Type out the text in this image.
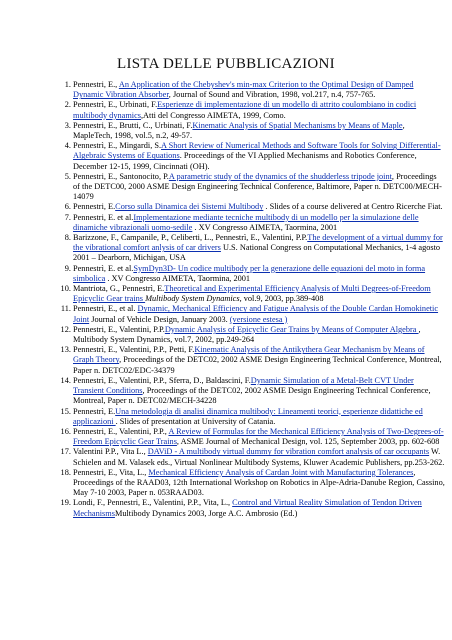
LISTA DELLE PUBBLICAZIONI
1. Pennestri, E., An Application of the Chebyshev's min-max Criterion to the Optimal Design of Damped Dynamic Vibration Absorber, Journal of Sound and Vibration, 1998, vol.217, n.4, 757-765.
2. Pennestrì, E., Urbinati, F.Esperienze di implementazione di un modello di attrito coulombiano in codici multibody dynamics,Atti del Congresso AIMETA, 1999, Como.
3. Pennestri, E., Brutti, C., Urbinati, F.Kinematic Analysis of Spatial Mechanisms by Means of Maple, MapleTech, 1998, vol.5, n.2, 49-57.
4. Pennestrì, E., Mingardi, S.A Short Review of Numerical Methods and Software Tools for Solving Differential-Algebraic Systems of Equations. Proceedings of the VI Applied Mechanisms and Robotics Conference, December 12-15, 1999, Cincinnati (OH).
5. Pennestri, E., Santonocito, P.A parametric study of the dynamics of the shudderless tripode joint, Proceedings of the DETC00, 2000 ASME Design Engineering Technical Conference, Baltimore, Paper n. DETC00/MECH-14079
6. Pennestri, E.Corso sulla Dinamica dei Sistemi Multibody . Slides of a course delivered at Centro Ricerche Fiat.
7. Pennestri, E. et al.Implementazione mediante tecniche multibody di un modello per la simulazione delle dinamiche vibrazionali uomo-sedile . XV Congresso AIMETA, Taormina, 2001
8. Barizzone, F., Campanile, P., Celiberti, L., Pennestrì, E., Valentini, P.P.The development of a virtual dummy for the vibrational comfort anlysis of car drivers U.S. National Congress on Computational Mechanics, 1-4 agosto 2001 – Dearborn, Michigan, USA
9. Pennestrì, E. et al.SymDyn3D- Un codice multibody per la generazione delle equazioni del moto in forma simbolica . XV Congresso AIMETA, Taormina, 2001
10. Mantriota, G., Pennestrì, E.Theoretical and Experimental Efficiency Analysis of Multi Degrees-of-Freedom Epicyclic Gear trains Multibody System Dynamics, vol.9, 2003, pp.389-408
11. Pennestri, E., et al. Dynamic, Mechanical Efficiency and Fatigue Analysis of the Double Cardan Homokinetic Joint Journal of Vehicle Design, January 2003. (versione estesa )
12. Pennestri, E., Valentini, P.P.Dynamic Analysis of Epicyclic Gear Trains by Means of Computer Algebra , Multibody System Dynamics, vol.7, 2002, pp.249-264
13. Pennestrì, E., Valentini, P.P., Petti, F.Kinematic Analysis of the Antikythera Gear Mechanism by Means of Graph Theory, Proceedings of the DETC02, 2002 ASME Design Engineering Technical Conference, Montreal, Paper n. DETC02/EDC-34379
14. Pennestrì, E., Valentini, P.P., Sferra, D., Baldascini, F.Dynamic Simulation of a Metal-Belt CVT Under Transient Conditions, Proceedings of the DETC02, 2002 ASME Design Engineering Technical Conference, Montreal, Paper n. DETC02/MECH-34228
15. Pennestrì, E.Una metodologia di analisi dinamica multibody: Lineamenti teorici, esperienze didattiche ed applicazioni . Slides of presentation at University of Catania.
16. Pennestri, E., Valentini, P.P., A Review of Formulas for the Mechanical Efficiency Analysis of Two-Degrees-of-Freedom Epicyclic Gear Trains, ASME Journal of Mechanical Design, vol. 125, September 2003, pp. 602-608
17. Valentini P.P., Vita L., DAViD - A multibody virtual dummy for vibration comfort analysis of car occupants W. Schielen and M. Valasek eds., Virtual Nonlinear Multibody Systems, Kluwer Academic Publishers, pp.253-262.
18. Pennestri, E., Vita, L., Mechanical Efficiency Analysis of Cardan Joint with Manufacturing Tolerances, Proceedings of the RAAD03, 12th International Workshop on Robotics in Alpe-Adria-Danube Region, Cassino, May 7-10 2003, Paper n. 053RAAD03.
19. Londi, F., Pennestri, E., Valentini, P.P., Vita, L., Control and Virtual Reality Simulation of Tendon Driven MechanismsMultibody Dynamics 2003, Jorge A.C. Ambrosio (Ed.)
